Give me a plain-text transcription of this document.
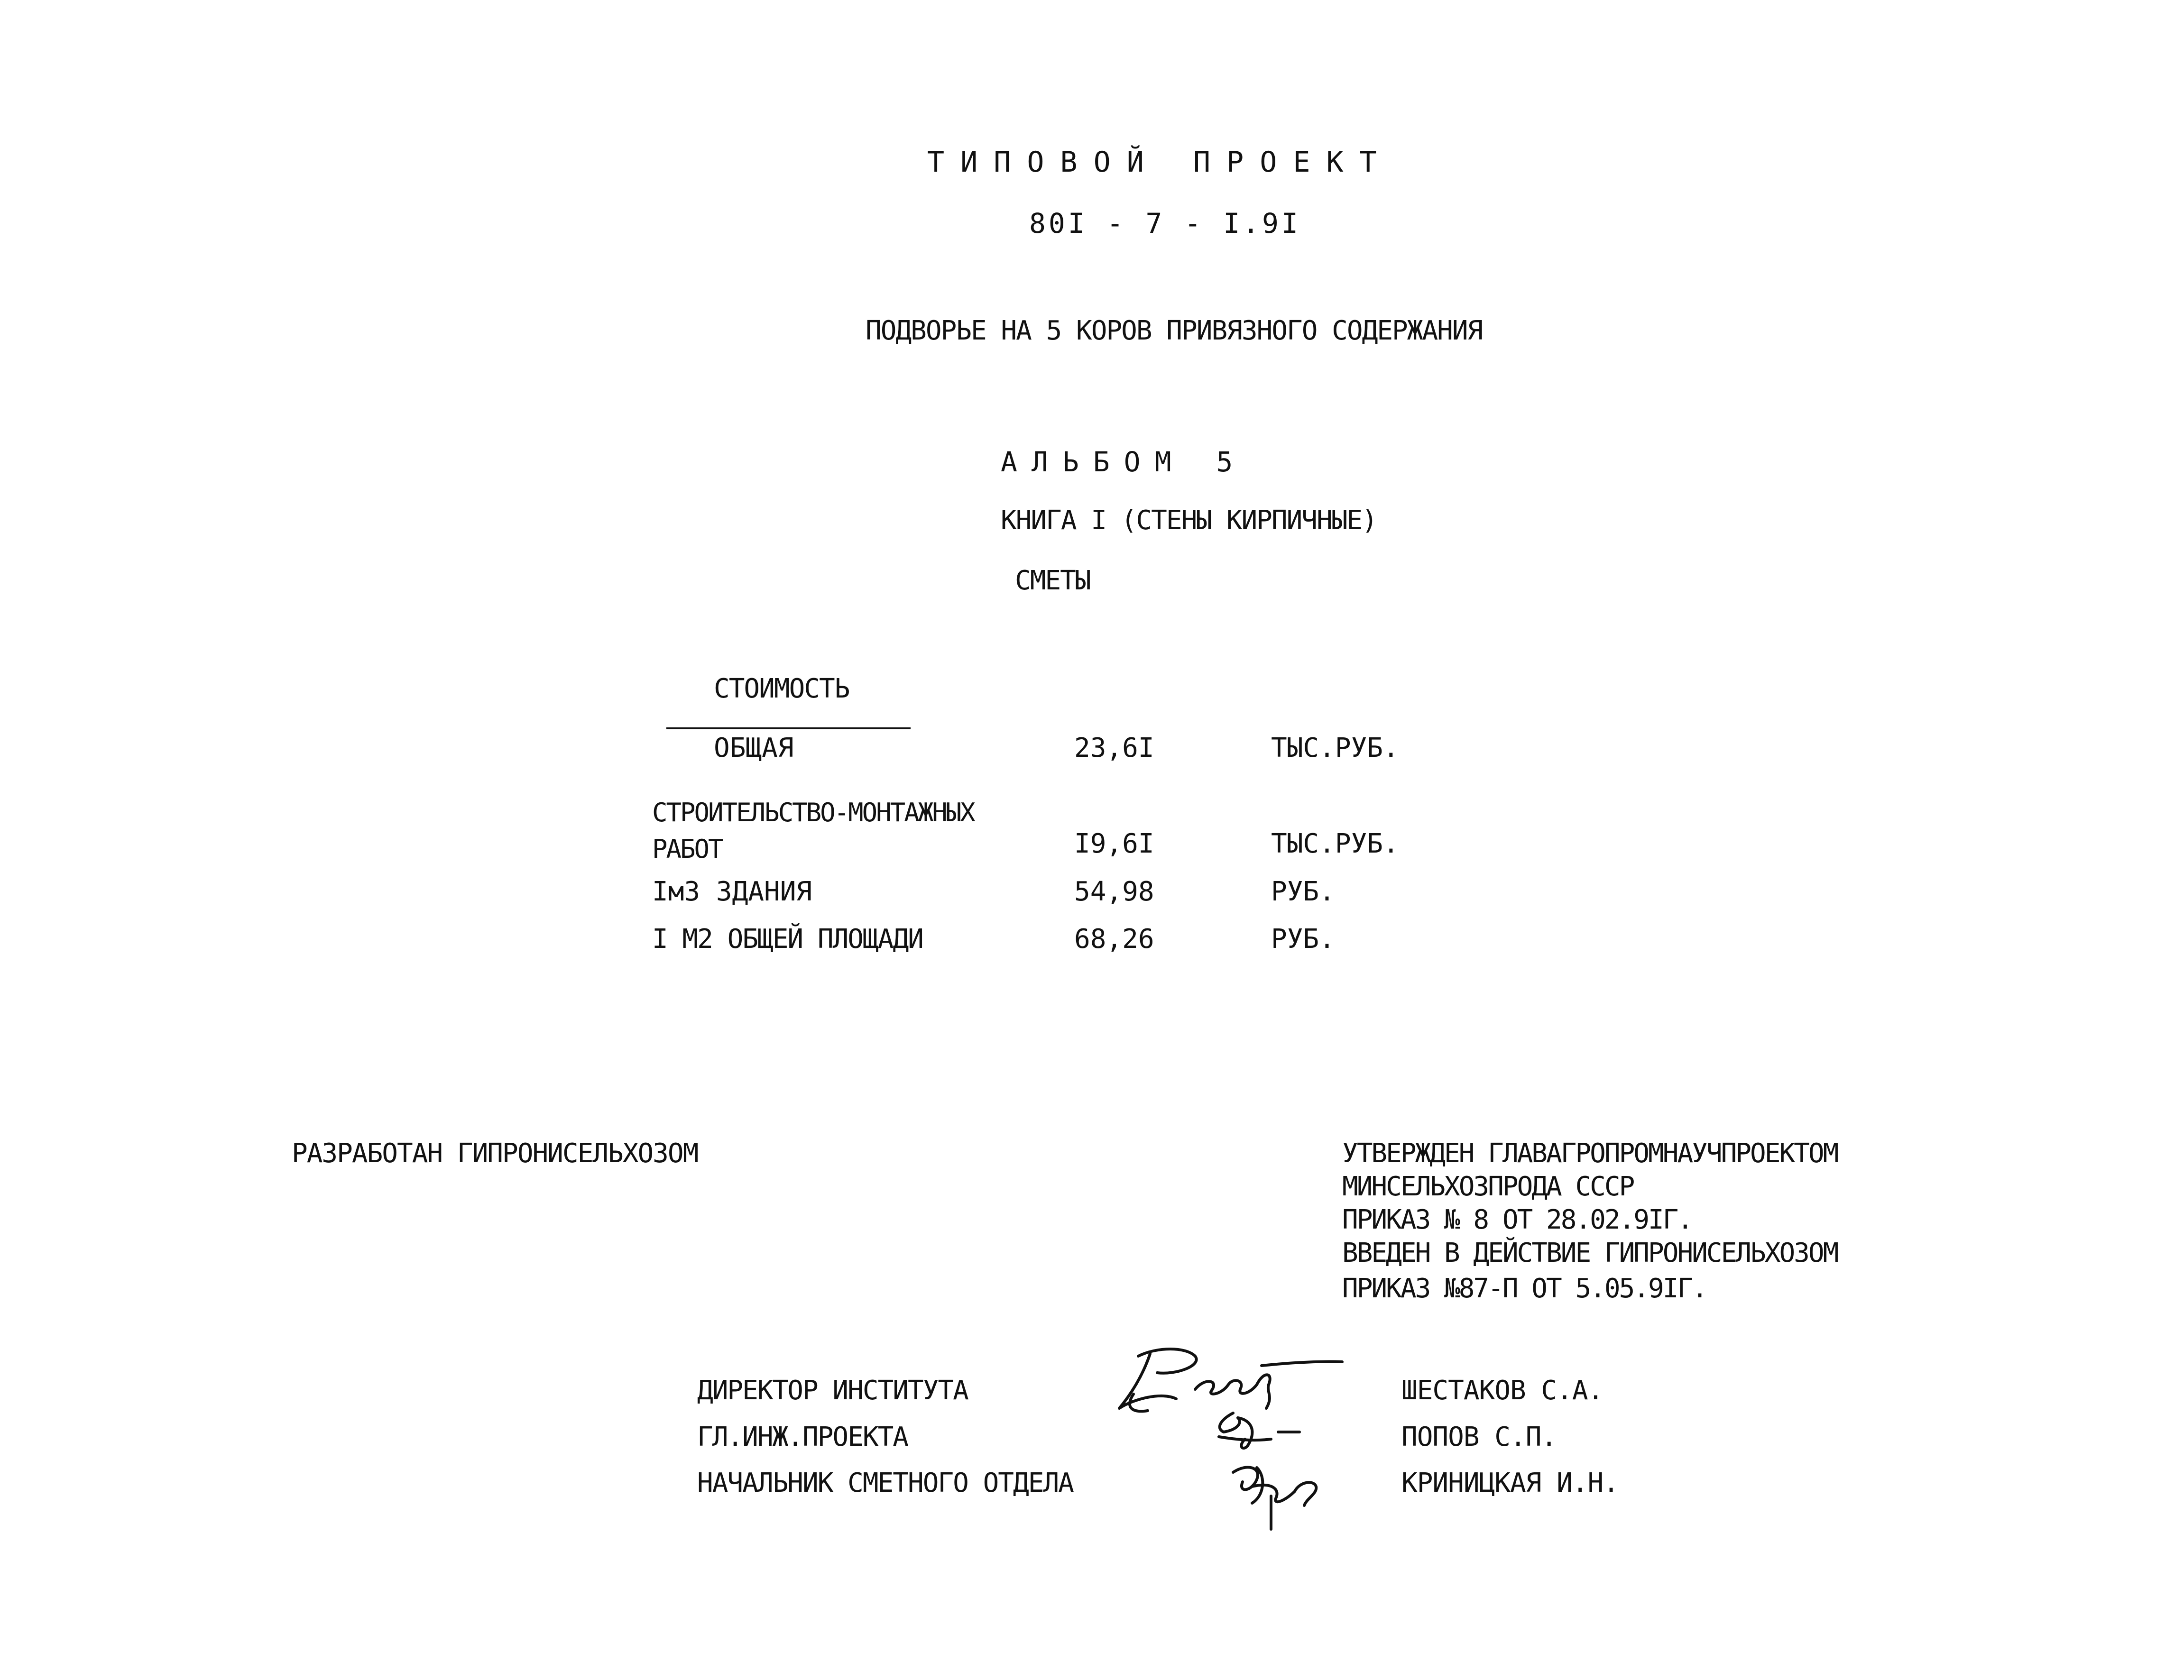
ТИПОВОЙ ПРОЕКТ
80I - 7 - I.9I
ПОДВОРЬЕ НА 5 КОРОВ ПРИВЯЗНОГО СОДЕРЖАНИЯ
АЛЬБОМ 5
КНИГА I (СТЕНЫ КИРПИЧНЫЕ)
СМЕТЫ
СТОИМОСТЬ
ОБЩАЯ	23,6I	ТЫС.РУБ.
СТРОИТЕЛЬСТВО-МОНТАЖНЫХ
РАБОТ	I9,6I	ТЫС.РУБ.
IмЗ ЗДАНИЯ	54,98	РУБ.
I М2 ОБЩЕЙ ПЛОЩАДИ	68,26	РУБ.
РАЗРАБОТАН ГИПРОНИСЕЛЬХОЗОМ	УТВЕРЖДЕН ГЛАВАГРОПРОМНАУЧПРОЕКТОМ
МИНСЕЛЬХОЗПРОДА СССР
ПРИКАЗ № 8 ОТ 28.02.9IГ.
ВВЕДЕН В ДЕЙСТВИЕ ГИПРОНИСЕЛЬХОЗОМ
ПРИКАЗ №87-П ОТ 5.05.9IГ.
ДИРЕКТОР ИНСТИТУТА	ШЕСТАКОВ С.А.
ГЛ.ИНЖ.ПРОЕКТА	ПОПОВ С.П.
НАЧАЛЬНИК СМЕТНОГО ОТДЕЛА	КРИНИЦКАЯ И.Н.
